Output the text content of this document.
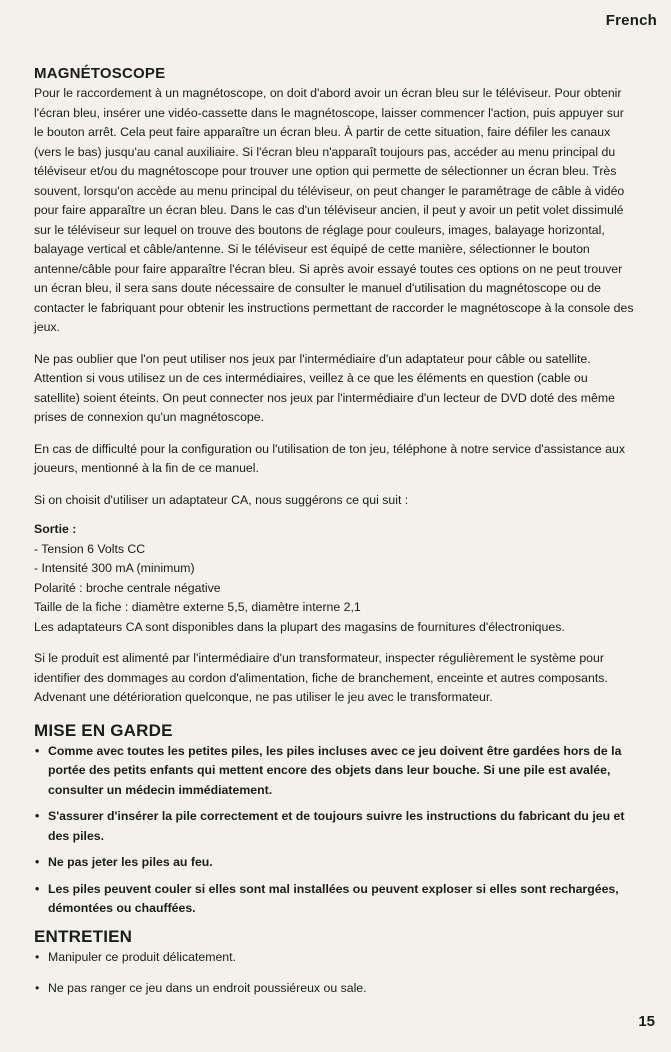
French
MAGNÉTOSCOPE

Pour le raccordement à un magnétoscope, on doit d'abord avoir un écran bleu sur le téléviseur. Pour obtenir l'écran bleu, insérer une vidéo-cassette dans le magnétoscope, laisser commencer l'action, puis appuyer sur le bouton arrêt. Cela peut faire apparaître un écran bleu. À partir de cette situation, faire défiler les canaux (vers le bas) jusqu'au canal auxiliaire. Si l'écran bleu n'apparaît toujours pas, accéder au menu principal du téléviseur et/ou du magnétoscope pour trouver une option qui permette de sélectionner un écran bleu. Très souvent, lorsqu'on accède au menu principal du téléviseur, on peut changer le paramétrage de câble à vidéo pour faire apparaître un écran bleu. Dans le cas d'un téléviseur ancien, il peut y avoir un petit volet dissimulé sur le téléviseur sur lequel on trouve des boutons de réglage pour couleurs, images, balayage horizontal, balayage vertical et câble/antenne. Si le téléviseur est équipé de cette manière, sélectionner le bouton antenne/câble pour faire apparaître l'écran bleu. Si après avoir essayé toutes ces options on ne peut trouver un écran bleu, il sera sans doute nécessaire de consulter le manuel d'utilisation du magnétoscope ou de contacter le fabriquant pour obtenir les instructions permettant de raccorder le magnétoscope à la console des jeux.

Ne pas oublier que l'on peut utiliser nos jeux par l'intermédiaire d'un adaptateur pour câble ou satellite. Attention si vous utilisez un de ces intermédiaires, veillez à ce que les éléments en question (cable ou satellite) soient éteints. On peut connecter nos jeux par l'intermédiaire d'un lecteur de DVD doté des même prises de connexion qu'un magnétoscope.

En cas de difficulté pour la configuration ou l'utilisation de ton jeu, téléphone à notre service d'assistance aux joueurs, mentionné à la fin de ce manuel.

Si on choisit d'utiliser un adaptateur CA, nous suggérons ce qui suit :

Sortie :
- Tension 6 Volts CC
- Intensité 300 mA (minimum)
Polarité : broche centrale négative
Taille de la fiche : diamètre externe 5,5, diamètre interne 2,1
Les adaptateurs CA sont disponibles dans la plupart des magasins de fournitures d'électroniques.

Si le produit est alimenté par l'intermédiaire d'un transformateur, inspecter régulièrement le système pour identifier des dommages au cordon d'alimentation, fiche de branchement, enceinte et autres composants. Advenant une détérioration quelconque, ne pas utiliser le jeu avec le transformateur.

MISE EN GARDE
• Comme avec toutes les petites piles, les piles incluses avec ce jeu doivent être gardées hors de la portée des petits enfants qui mettent encore des objets dans leur bouche. Si une pile est avalée, consulter un médecin immédiatement.
• S'assurer d'insérer la pile correctement et de toujours suivre les instructions du fabricant du jeu et des piles.
• Ne pas jeter les piles au feu.
• Les piles peuvent couler si elles sont mal installées ou peuvent exploser si elles sont rechargées, démontées ou chauffées.
ENTRETIEN
• Manipuler ce produit délicatement.
• Ne pas ranger ce jeu dans un endroit poussiéreux ou sale.
15
